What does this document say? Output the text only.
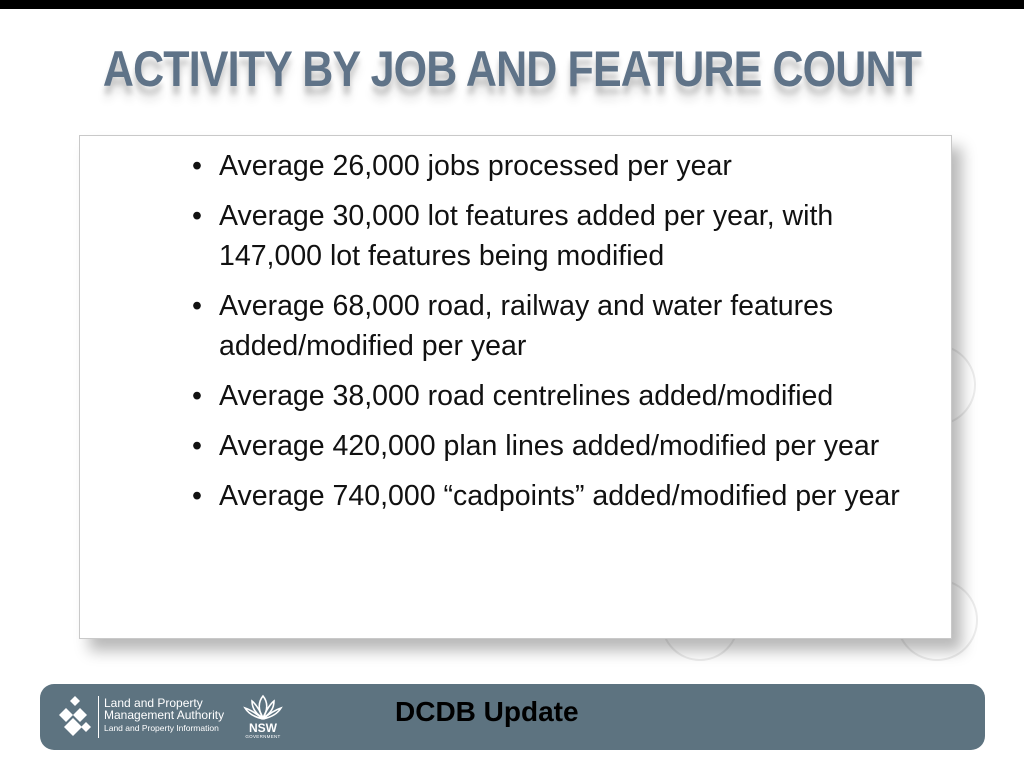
ACTIVITY BY JOB AND FEATURE COUNT
• Average 26,000 jobs processed per year
• Average 30,000 lot features added per year, with 147,000 lot features being modified
• Average 68,000 road, railway and water features added/modified per year
• Average 38,000 road centrelines added/modified
• Average 420,000 plan lines added/modified per year
• Average 740,000 “cadpoints” added/modified per year
Land and Property
Management Authority
Land and Property Information	NSW
GOVERNMENT
DCDB Update
